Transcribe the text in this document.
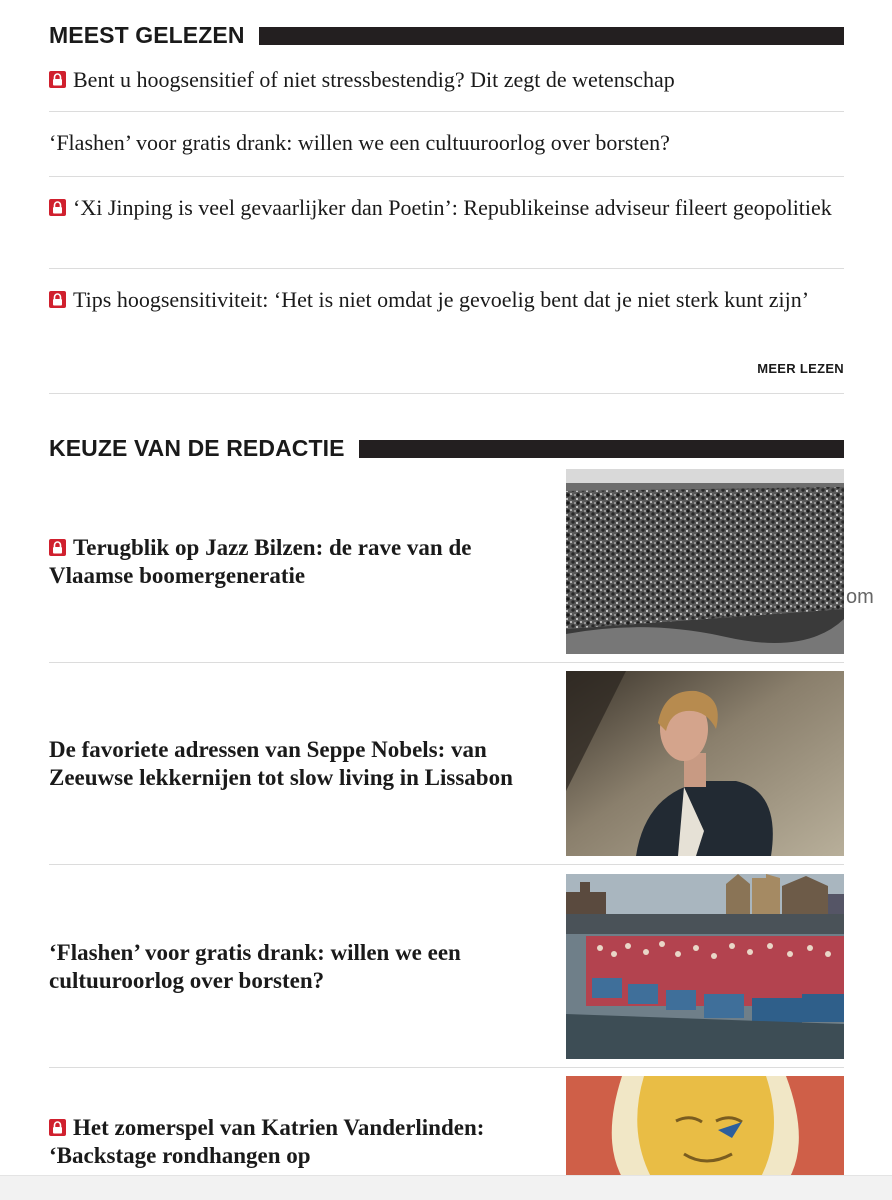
MEEST GELEZEN
Bent u hoogsensitief of niet stressbestendig? Dit zegt de wetenschap
‘Flashen’ voor gratis drank: willen we een cultuuroorlog over borsten?
‘Xi Jinping is veel gevaarlijker dan Poetin’: Republikeinse adviseur fileert geopolitiek
Tips hoogsensitiviteit: ‘Het is niet omdat je gevoelig bent dat je niet sterk kunt zijn’
MEER LEZEN
KEUZE VAN DE REDACTIE
Terugblik op Jazz Bilzen: de rave van de Vlaamse boomergeneratie
De favoriete adressen van Seppe Nobels: van Zeeuwse lekkernijen tot slow living in Lissabon
‘Flashen’ voor gratis drank: willen we een cultuuroorlog over borsten?
Het zomerspel van Katrien Vanderlinden: ‘Backstage rondhangen op
om
